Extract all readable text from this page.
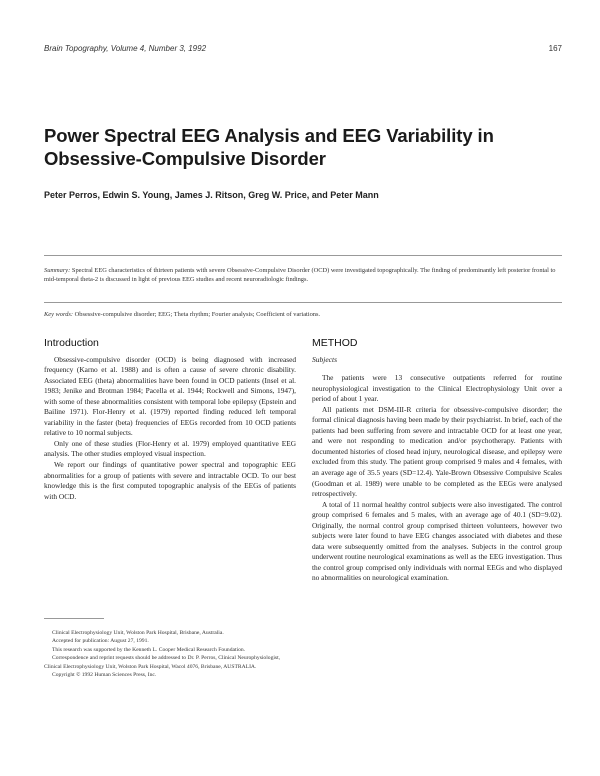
Brain Topography, Volume 4, Number 3, 1992	167
Power Spectral EEG Analysis and EEG Variability in Obsessive-Compulsive Disorder
Peter Perros, Edwin S. Young, James J. Ritson, Greg W. Price, and Peter Mann
Summary: Spectral EEG characteristics of thirteen patients with severe Obsessive-Compulsive Disorder (OCD) were investigated topographically. The finding of predominantly left posterior frontal to mid-temporal theta-2 is discussed in light of previous EEG studies and recent neuroradiologic findings.
Key words: Obsessive-compulsive disorder; EEG; Theta rhythm; Fourier analysis; Coefficient of variations.
Introduction

Obsessive-compulsive disorder (OCD) is being diagnosed with increased frequency (Karno et al. 1988) and is often a cause of severe chronic disability. Associated EEG (theta) abnormalities have been found in OCD patients (Insel et al. 1983; Jenike and Brotman 1984; Pacella et al. 1944; Rockwell and Simons, 1947), with some of these abnormalities consistent with temporal lobe epilepsy (Epstein and Bailine 1971). Flor-Henry et al. (1979) reported finding reduced left temporal variability in the faster (beta) frequencies of EEGs recorded from 10 OCD patients relative to 10 normal subjects.

Only one of these studies (Flor-Henry et al. 1979) employed quantitative EEG analysis. The other studies employed visual inspection.

We report our findings of quantitative power spectral and topographic EEG abnormalities for a group of patients with severe and intractable OCD. To our best knowledge this is the first computed topographic analysis of the EEGs of patients with OCD.

METHOD
Subjects

The patients were 13 consecutive outpatients referred for routine neurophysiological investigation to the Clinical Electrophysiology Unit over a period of about 1 year.

All patients met DSM-III-R criteria for obsessive-compulsive disorder; the formal clinical diagnosis having been made by their psychiatrist. In brief, each of the patients had been suffering from severe and intractable OCD for at least one year, and were not responding to medication and/or psychotherapy. Patients with documented histories of closed head injury, neurological disease, and epilepsy were excluded from this study. The patient group comprised 9 males and 4 females, with an average age of 35.5 years (SD=12.4). Yale-Brown Obsessive Compulsive Scales (Goodman et al. 1989) were unable to be completed as the EEGs were analysed retrospectively.

A total of 11 normal healthy control subjects were also investigated. The control group comprised 6 females and 5 males, with an average age of 40.1 (SD=9.02). Originally, the normal control group comprised thirteen volunteers, however two subjects were later found to have EEG changes associated with diabetes and these data were subsequently omitted from the analyses. Subjects in the control group underwent routine neurological examinations as well as the EEG investigation. Thus the control group comprised only individuals with normal EEGs and who displayed no abnormalities on neurological examination.

Clinical Electrophysiology Unit, Wolston Park Hospital, Brisbane, Australia.

Accepted for publication: August 27, 1991.

This research was supported by the Kenneth L. Cooper Medical Research Foundation.

Correspondence and reprint requests should be addressed to Dr. P. Perros, Clinical Neurophysiologist, Clinical Electrophysiology Unit, Wolston Park Hospital, Wacol 4076, Brisbane, AUSTRALIA.

Copyright © 1992 Human Sciences Press, Inc.
